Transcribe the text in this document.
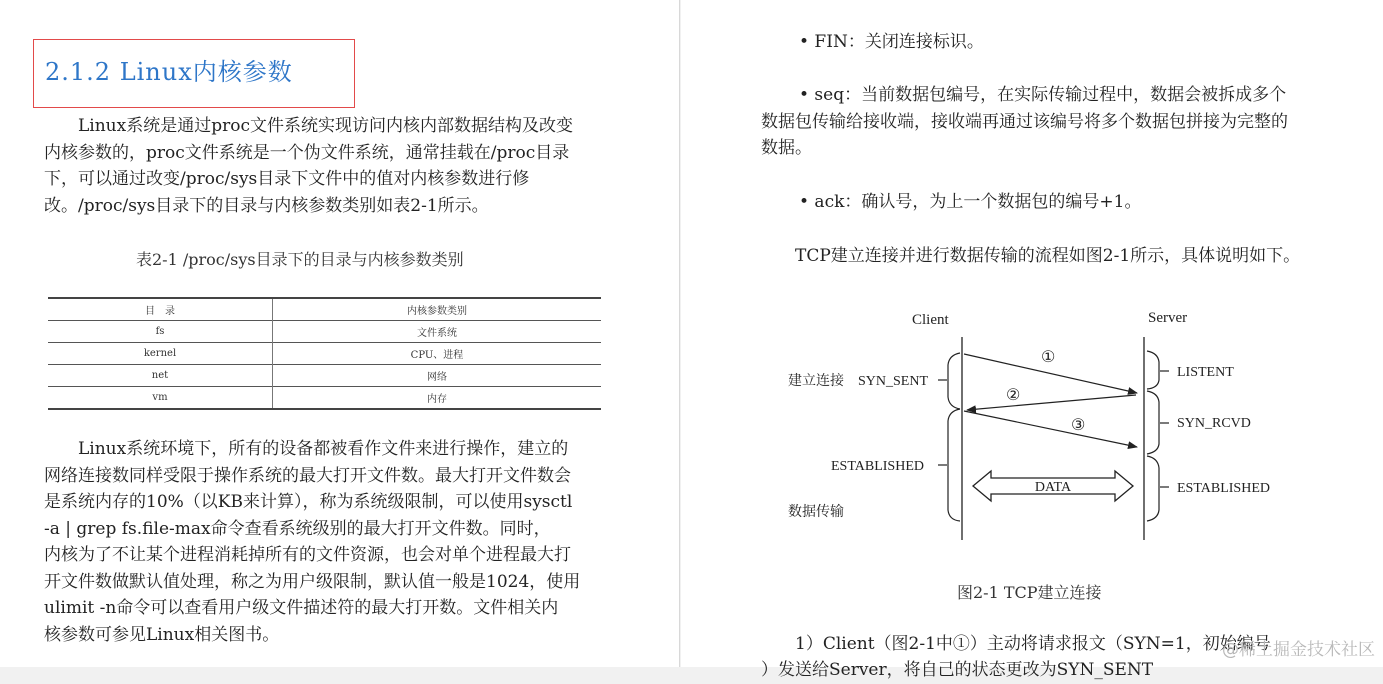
2.1.2 Linux内核参数
　　Linux系统是通过proc文件系统实现访问内核内部数据结构及改变
内核参数的，proc文件系统是一个伪文件系统，通常挂载在/proc目录
下，可以通过改变/proc/sys目录下文件中的值对内核参数进行修
改。/proc/sys目录下的目录与内核参数类别如表2-1所示。
表2-1 /proc/sys目录下的目录与内核参数类别
目　录	内核参数类别
fs	文件系统
kernel	CPU、进程
net	网络
vm	内存
　　Linux系统环境下，所有的设备都被看作文件来进行操作，建立的
网络连接数同样受限于操作系统的最大打开文件数。最大打开文件数会
是系统内存的10%（以KB来计算），称为系统级限制，可以使用sysctl
-a | grep fs.file-max命令查看系统级别的最大打开文件数。同时，
内核为了不让某个进程消耗掉所有的文件资源，也会对单个进程最大打
开文件数做默认值处理，称之为用户级限制，默认值一般是1024，使用
ulimit -n命令可以查看用户级文件描述符的最大打开数。文件相关内
核参数可参见Linux相关图书。
• FIN：关闭连接标识。
• seq：当前数据包编号，在实际传输过程中，数据会被拆成多个
数据包传输给接收端，接收端再通过该编号将多个数据包拼接为完整的
数据。
• ack：确认号，为上一个数据包的编号+1。
TCP建立连接并进行数据传输的流程如图2-1所示，具体说明如下。
Client	Server
①
②
③
DATA
建立连接 SYN_SENT
ESTABLISHED
数据传输
LISTENT
SYN_RCVD
ESTABLISHED
图2-1 TCP建立连接
1）Client（图2-1中①）主动将请求报文（SYN=1，初始编号
）发送给Server，将自己的状态更改为SYN_SENT
@稀土掘金技术社区
